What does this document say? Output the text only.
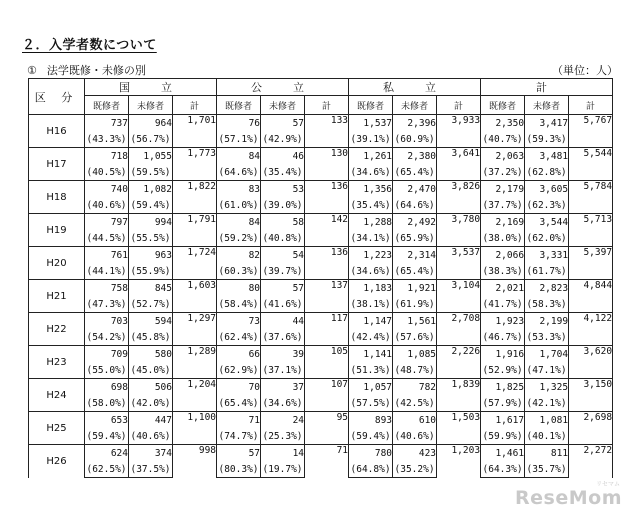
２．入学者数について
① 法学既修・未修の別	（単位：人）
区 分	国　立			公　立			私　立			計		
	既修者	未修者	計	既修者	未修者	計	既修者	未修者	計	既修者	未修者	計
H16	737	964	1,701	76	57	133	1,537	2,396	3,933	2,350	3,417	5,767
	(43.3%)	(56.7%)		(57.1%)	(42.9%)		(39.1%)	(60.9%)		(40.7%)	(59.3%)	
H17	718	1,055	1,773	84	46	130	1,261	2,380	3,641	2,063	3,481	5,544
	(40.5%)	(59.5%)		(64.6%)	(35.4%)		(34.6%)	(65.4%)		(37.2%)	(62.8%)	
H18	740	1,082	1,822	83	53	136	1,356	2,470	3,826	2,179	3,605	5,784
	(40.6%)	(59.4%)		(61.0%)	(39.0%)		(35.4%)	(64.6%)		(37.7%)	(62.3%)	
H19	797	994	1,791	84	58	142	1,288	2,492	3,780	2,169	3,544	5,713
	(44.5%)	(55.5%)		(59.2%)	(40.8%)		(34.1%)	(65.9%)		(38.0%)	(62.0%)	
H20	761	963	1,724	82	54	136	1,223	2,314	3,537	2,066	3,331	5,397
	(44.1%)	(55.9%)		(60.3%)	(39.7%)		(34.6%)	(65.4%)		(38.3%)	(61.7%)	
H21	758	845	1,603	80	57	137	1,183	1,921	3,104	2,021	2,823	4,844
	(47.3%)	(52.7%)		(58.4%)	(41.6%)		(38.1%)	(61.9%)		(41.7%)	(58.3%)	
H22	703	594	1,297	73	44	117	1,147	1,561	2,708	1,923	2,199	4,122
	(54.2%)	(45.8%)		(62.4%)	(37.6%)		(42.4%)	(57.6%)		(46.7%)	(53.3%)	
H23	709	580	1,289	66	39	105	1,141	1,085	2,226	1,916	1,704	3,620
	(55.0%)	(45.0%)		(62.9%)	(37.1%)		(51.3%)	(48.7%)		(52.9%)	(47.1%)	
H24	698	506	1,204	70	37	107	1,057	782	1,839	1,825	1,325	3,150
	(58.0%)	(42.0%)		(65.4%)	(34.6%)		(57.5%)	(42.5%)		(57.9%)	(42.1%)	
H25	653	447	1,100	71	24	95	893	610	1,503	1,617	1,081	2,698
	(59.4%)	(40.6%)		(74.7%)	(25.3%)		(59.4%)	(40.6%)		(59.9%)	(40.1%)	
H26	624	374	998	57	14	71	780	423	1,203	1,461	811	2,272
	(62.5%)	(37.5%)		(80.3%)	(19.7%)		(64.8%)	(35.2%)		(64.3%)	(35.7%)	
リセマム
ReseMom
